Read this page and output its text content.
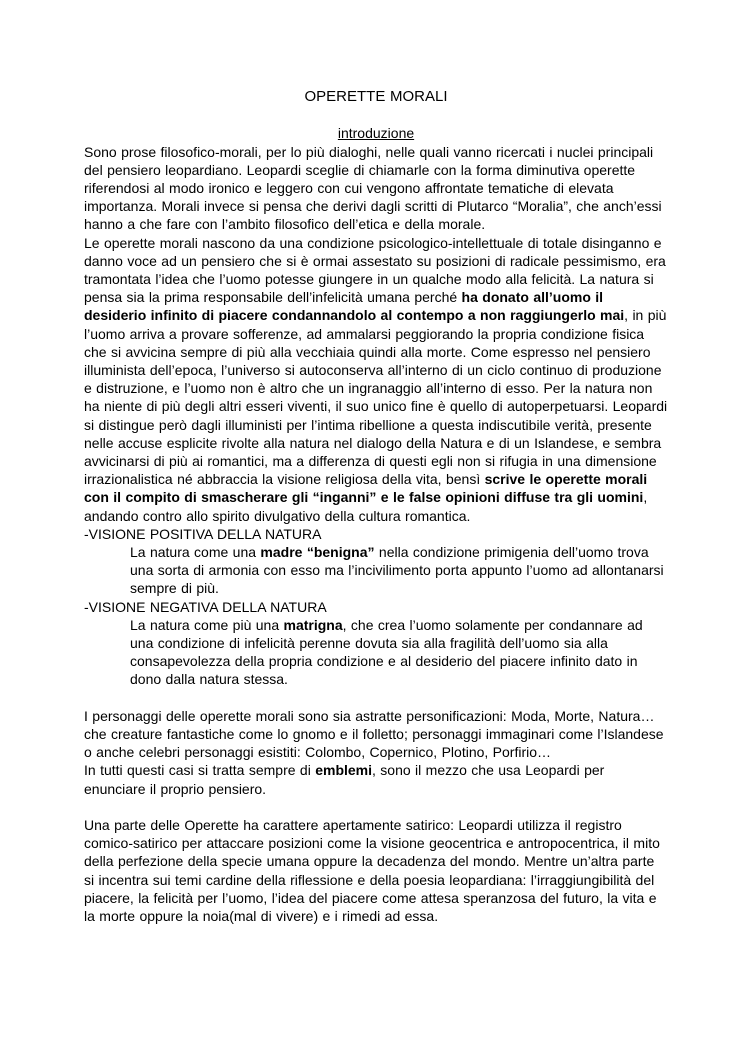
OPERETTE MORALI

introduzione

Sono prose filosofico-morali, per lo più dialoghi, nelle quali vanno ricercati i nuclei principali del pensiero leopardiano. Leopardi sceglie di chiamarle con la forma diminutiva operette riferendosi al modo ironico e leggero con cui vengono affrontate tematiche di elevata importanza. Morali invece si pensa che derivi dagli scritti di Plutarco “Moralia”, che anch’essi hanno a che fare con l’ambito filosofico dell’etica e della morale.

Le operette morali nascono da una condizione psicologico-intellettuale di totale disinganno e danno voce ad un pensiero che si è ormai assestato su posizioni di radicale pessimismo, era tramontata l’idea che l’uomo potesse giungere in un qualche modo alla felicità. La natura si pensa sia la prima responsabile dell’infelicità umana perché ha donato all’uomo il desiderio infinito di piacere condannandolo al contempo a non raggiungerlo mai, in più l’uomo arriva a provare sofferenze, ad ammalarsi peggiorando la propria condizione fisica che si avvicina sempre di più alla vecchiaia quindi alla morte. Come espresso nel pensiero illuminista dell’epoca, l’universo si autoconserva all’interno di un ciclo continuo di produzione e distruzione, e l’uomo non è altro che un ingranaggio all’interno di esso. Per la natura non ha niente di più degli altri esseri viventi, il suo unico fine è quello di autoperpetuarsi. Leopardi si distingue però dagli illuministi per l’intima ribellione a questa indiscutibile verità, presente nelle accuse esplicite rivolte alla natura nel dialogo della Natura e di un Islandese, e sembra avvicinarsi di più ai romantici, ma a differenza di questi egli non si rifugia in una dimensione irrazionalistica né abbraccia la visione religiosa della vita, bensì scrive le operette morali con il compito di smascherare gli “inganni” e le false opinioni diffuse tra gli uomini, andando contro allo spirito divulgativo della cultura romantica.

-VISIONE POSITIVA DELLA NATURA

La natura come una madre “benigna” nella condizione primigenia dell’uomo trova una sorta di armonia con esso ma l’incivilimento porta appunto l’uomo ad allontanarsi sempre di più.

-VISIONE NEGATIVA DELLA NATURA

La natura come più una matrigna, che crea l’uomo solamente per condannare ad una condizione di infelicità perenne dovuta sia alla fragilità dell’uomo sia alla consapevolezza della propria condizione e al desiderio del piacere infinito dato in dono dalla natura stessa.

I personaggi delle operette morali sono sia astratte personificazioni: Moda, Morte, Natura… che creature fantastiche come lo gnomo e il folletto; personaggi immaginari come l’Islandese o anche celebri personaggi esistiti: Colombo, Copernico, Plotino, Porfirio…

In tutti questi casi si tratta sempre di emblemi, sono il mezzo che usa Leopardi per enunciare il proprio pensiero.

Una parte delle Operette ha carattere apertamente satirico: Leopardi utilizza il registro comico-satirico per attaccare posizioni come la visione geocentrica e antropocentrica, il mito della perfezione della specie umana oppure la decadenza del mondo. Mentre un’altra parte si incentra sui temi cardine della riflessione e della poesia leopardiana: l’irraggiungibilità del piacere, la felicità per l’uomo, l’idea del piacere come attesa speranzosa del futuro, la vita e la morte oppure la noia(mal di vivere) e i rimedi ad essa.
